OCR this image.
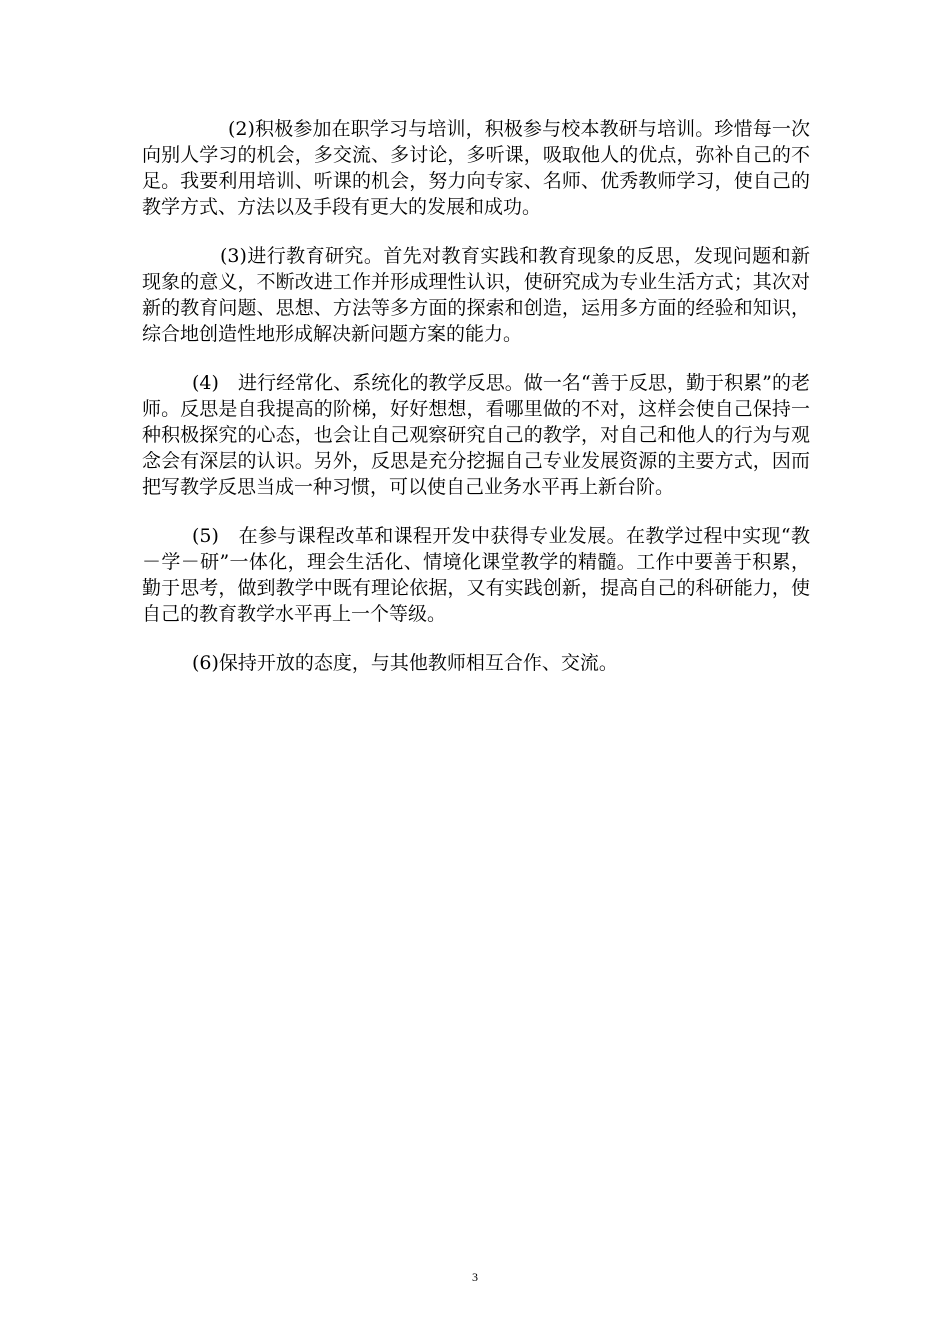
(2)积极参加在职学习与培训，积极参与校本教研与培训。珍惜每一次向别人学习的机会，多交流、多讨论，多听课，吸取他人的优点，弥补自己的不足。我要利用培训、听课的机会，努力向专家、名师、优秀教师学习，使自己的教学方式、方法以及手段有更大的发展和成功。

(3)进行教育研究。首先对教育实践和教育现象的反思，发现问题和新现象的意义，不断改进工作并形成理性认识，使研究成为专业生活方式；其次对新的教育问题、思想、方法等多方面的探索和创造，运用多方面的经验和知识，综合地创造性地形成解决新问题方案的能力。

(4)　进行经常化、系统化的教学反思。做一名“善于反思，勤于积累”的老师。反思是自我提高的阶梯，好好想想，看哪里做的不对，这样会使自己保持一种积极探究的心态，也会让自己观察研究自己的教学，对自己和他人的行为与观念会有深层的认识。另外，反思是充分挖掘自己专业发展资源的主要方式，因而把写教学反思当成一种习惯，可以使自己业务水平再上新台阶。

(5)　在参与课程改革和课程开发中获得专业发展。在教学过程中实现“教－学－研”一体化，理会生活化、情境化课堂教学的精髓。工作中要善于积累，勤于思考，做到教学中既有理论依据，又有实践创新，提高自己的科研能力，使自己的教育教学水平再上一个等级。

(6)保持开放的态度，与其他教师相互合作、交流。

3
